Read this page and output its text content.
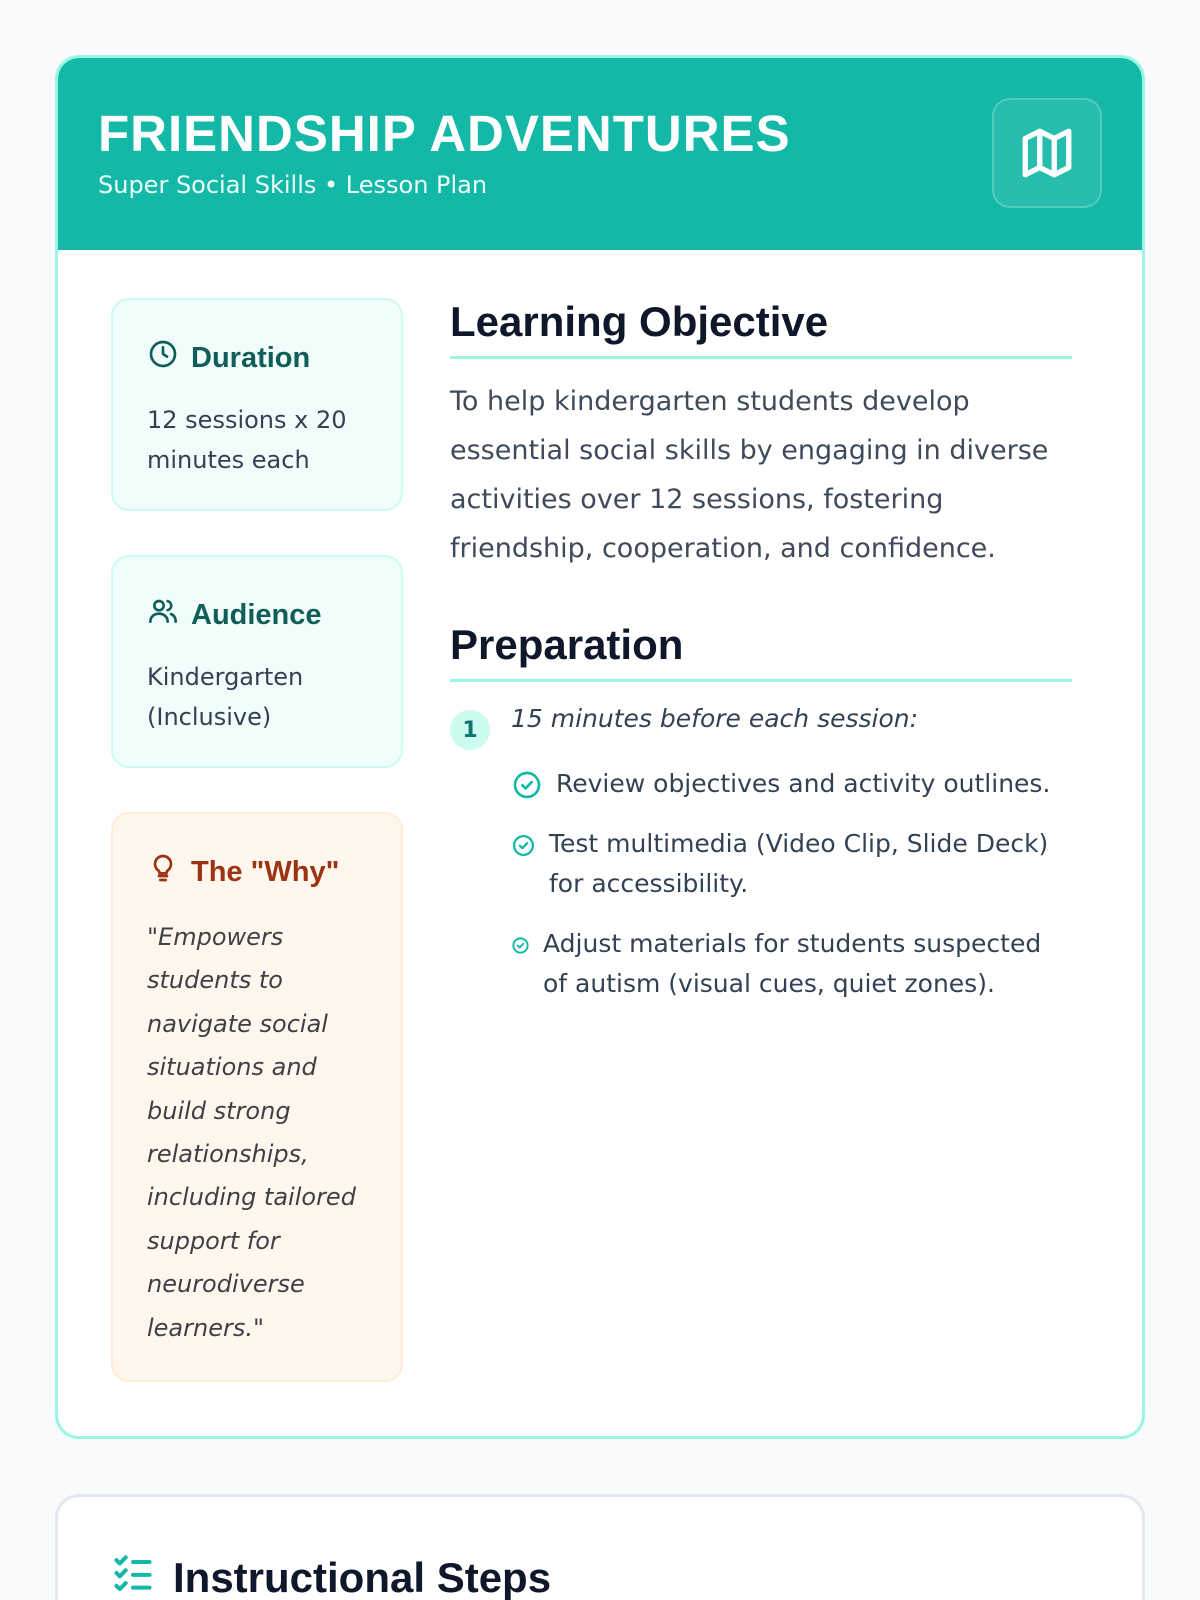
FRIENDSHIP ADVENTURES
Super Social Skills • Lesson Plan
Duration
12 sessions x 20 minutes each
Audience
Kindergarten (Inclusive)
The "Why"
"Empowers students to navigate social situations and build strong relationships, including tailored support for neurodiverse learners."
Learning Objective
To help kindergarten students develop essential social skills by engaging in diverse activities over 12 sessions, fostering friendship, cooperation, and confidence.
Preparation
1	15 minutes before each session:
Review objectives and activity outlines.
Test multimedia (Video Clip, Slide Deck) for accessibility.
Adjust materials for students suspected of autism (visual cues, quiet zones).
Instructional Steps
